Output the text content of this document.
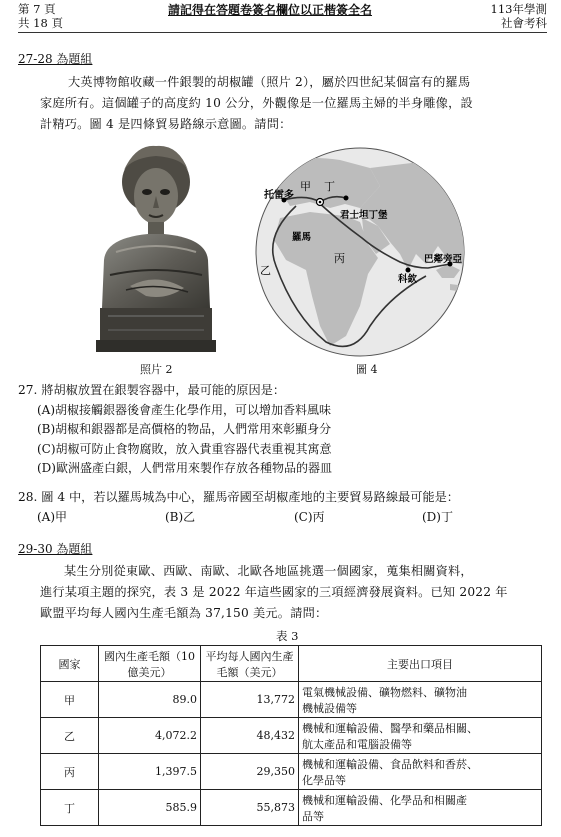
第 7 頁
共 18 頁
請記得在答題卷簽名欄位以正楷簽全名	113年學測
社會考科
27-28 為題組
大英博物館收藏一件銀製的胡椒罐（照片 2），屬於四世紀某個富有的羅馬
家庭所有。這個罐子的高度約 10 公分，外觀像是一位羅馬主婦的半身雕像，設
計精巧。圖 4 是四條貿易路線示意圖。請問：
照片 2
托雷多
甲 丁
君士坦丁堡
羅馬
乙
丙
科欽
巴鄰旁亞
圖 4
27. 將胡椒放置在銀製容器中，最可能的原因是：
(A)胡椒接觸銀器後會產生化學作用，可以增加香料風味
(B)胡椒和銀器都是高價格的物品，人們常用來彰顯身分
(C)胡椒可防止食物腐敗，放入貴重容器代表重視其寓意
(D)歐洲盛產白銀，人們常用來製作存放各種物品的器皿
28. 圖 4 中，若以羅馬城為中心，羅馬帝國至胡椒產地的主要貿易路線最可能是：
(A)甲	(B)乙	(C)丙	(D)丁
29-30 為題組
某生分別從東歐、西歐、南歐、北歐各地區挑選一個國家，蒐集相關資料，
進行某項主題的探究，表 3 是 2022 年這些國家的三項經濟發展資料。已知 2022 年
歐盟平均每人國內生產毛額為 37,150 美元。請問：
表 3
國家	國內生產毛額（10 億美元）	平均每人國內生產毛額（美元）	主要出口項目
甲	89.0	13,772	電氣機械設備、礦物燃料、礦物油
機械設備等

乙	4,072.2	48,432	機械和運輸設備、醫學和藥品相關、
航太產品和電腦設備等

丙	1,397.5	29,350	機械和運輸設備、食品飲料和香菸、
化學品等

丁	585.9	55,873	機械和運輸設備、化學品和相關產
品等
